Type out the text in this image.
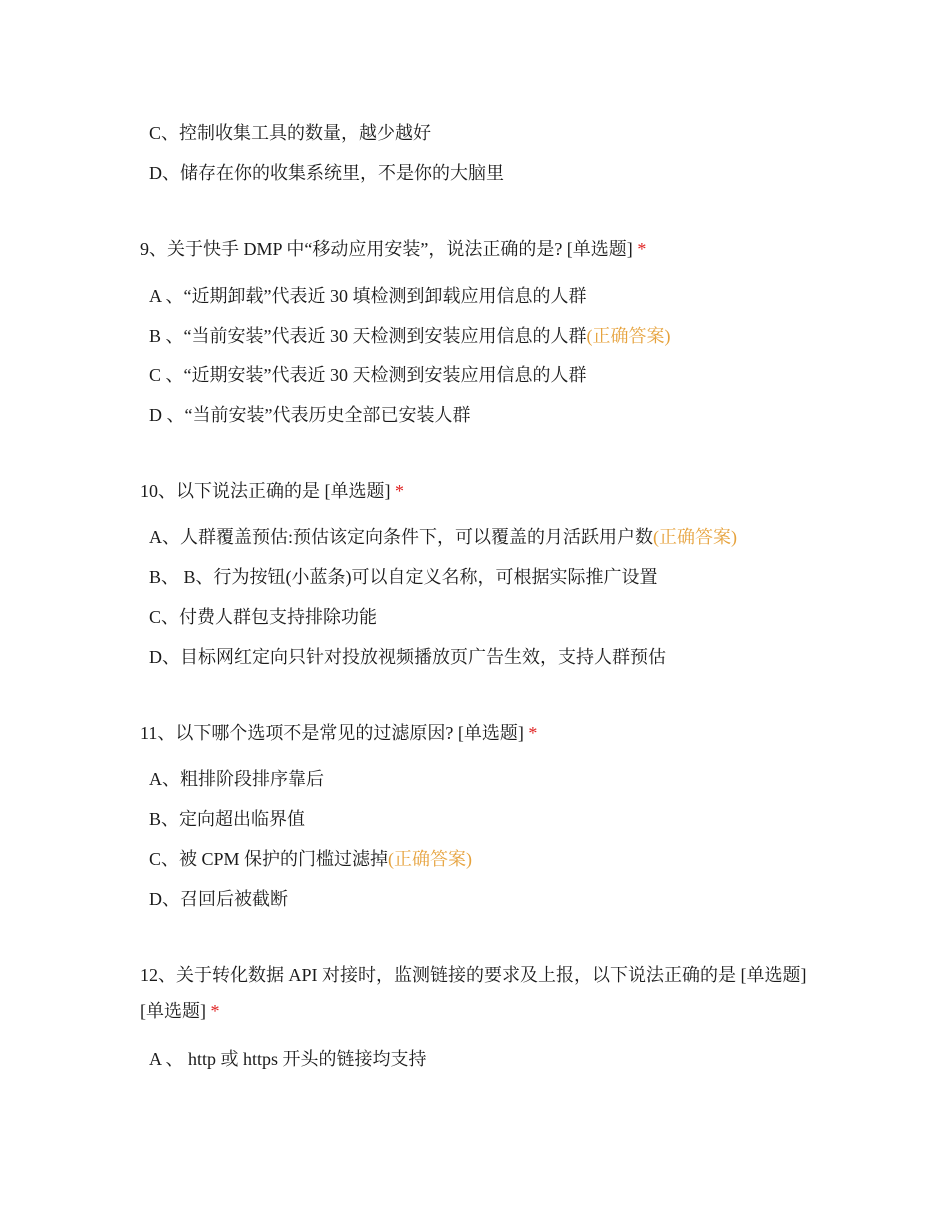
C、控制收集工具的数量，越少越好
D、储存在你的收集系统里，不是你的大脑里
9、关于快手 DMP 中“移动应用安装”，说法正确的是? [单选题] *
A 、“近期卸载”代表近 30 填检测到卸载应用信息的人群
B 、“当前安装”代表近 30 天检测到安装应用信息的人群(正确答案)
C 、“近期安装”代表近 30 天检测到安装应用信息的人群
D 、“当前安装”代表历史全部已安装人群
10、以下说法正确的是 [单选题] *
A、人群覆盖预估:预估该定向条件下，可以覆盖的月活跃用户数(正确答案)
B、 B、行为按钮(小蓝条)可以自定义名称，可根据实际推广设置
C、付费人群包支持排除功能
D、目标网红定向只针对投放视频播放页广告生效，支持人群预估
11、以下哪个选项不是常见的过滤原因? [单选题] *
A、粗排阶段排序靠后
B、定向超出临界值
C、被 CPM 保护的门槛过滤掉(正确答案)
D、召回后被截断
12、关于转化数据 API 对接时，监测链接的要求及上报，以下说法正确的是 [单选题] [单选题] *
A 、 http 或 https 开头的链接均支持
